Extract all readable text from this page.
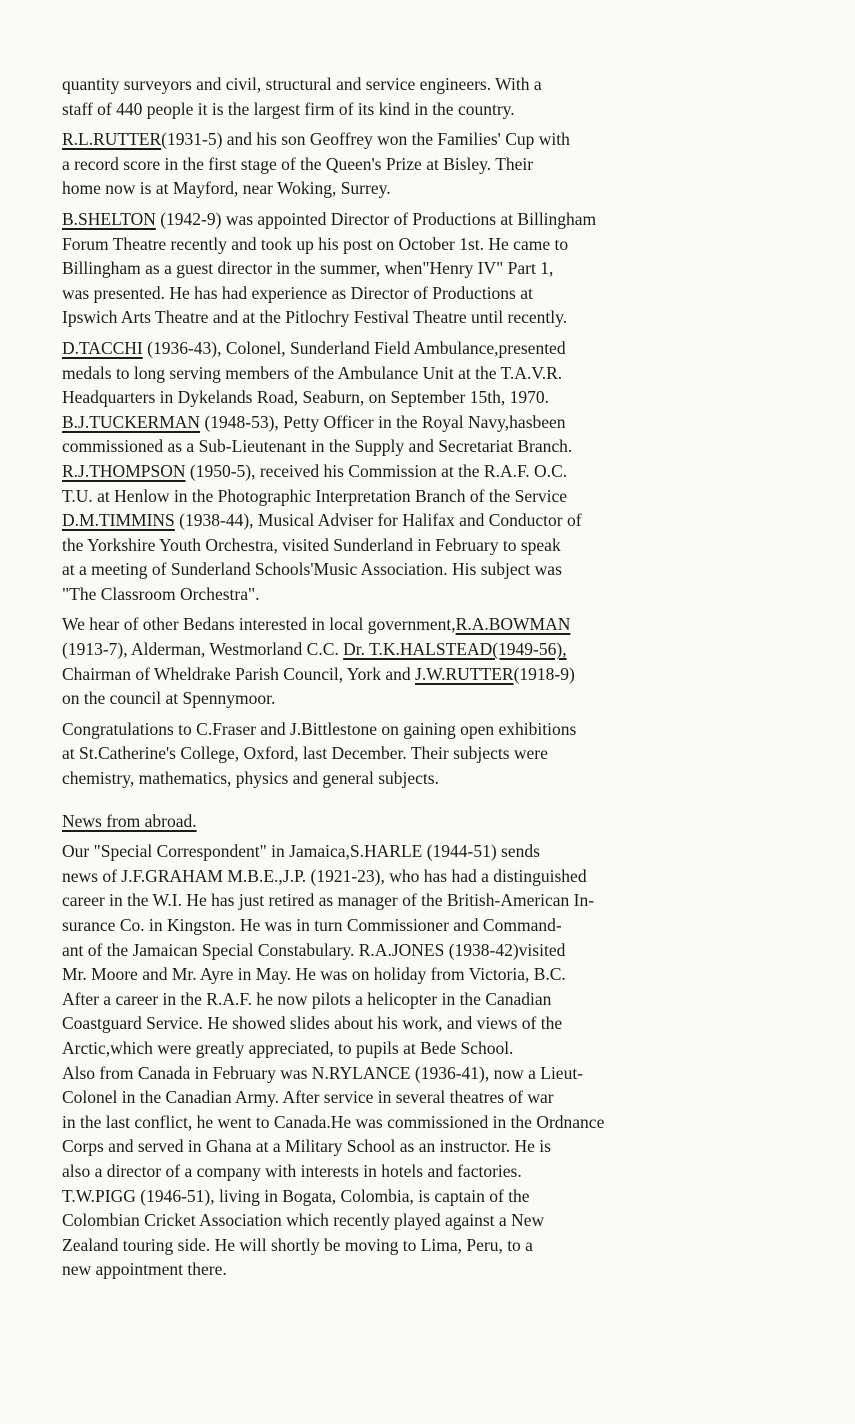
quantity surveyors and civil, structural and service engineers. With a
staff of 440 people it is the largest firm of its kind in the country.
R.L.RUTTER(1931-5) and his son Geoffrey won the Families' Cup with
a record score in the first stage of the Queen's Prize at Bisley. Their
home now is at Mayford, near Woking, Surrey.
B.SHELTON (1942-9) was appointed Director of Productions at Billingham
Forum Theatre recently and took up his post on October 1st. He came to
Billingham as a guest director in the summer, when"Henry IV" Part 1,
was presented. He has had experience as Director of Productions at
Ipswich Arts Theatre and at the Pitlochry Festival Theatre until recently.
D.TACCHI (1936-43), Colonel, Sunderland Field Ambulance,presented
medals to long serving members of the Ambulance Unit at the T.A.V.R.
Headquarters in Dykelands Road, Seaburn, on September 15th, 1970.
B.J.TUCKERMAN (1948-53), Petty Officer in the Royal Navy,hasbeen
commissioned as a Sub-Lieutenant in the Supply and Secretariat Branch.
R.J.THOMPSON (1950-5), received his Commission at the R.A.F. O.C.
T.U. at Henlow in the Photographic Interpretation Branch of the Service
D.M.TIMMINS (1938-44), Musical Adviser for Halifax and Conductor of
the Yorkshire Youth Orchestra, visited Sunderland in February to speak
at a meeting of Sunderland Schools'Music Association. His subject was
"The Classroom Orchestra".
We hear of other Bedans interested in local government,R.A.BOWMAN
(1913-7), Alderman, Westmorland C.C. Dr. T.K.HALSTEAD(1949-56),
Chairman of Wheldrake Parish Council, York and J.W.RUTTER(1918-9)
on the council at Spennymoor.
Congratulations to C.Fraser and J.Bittlestone on gaining open exhibitions
at St.Catherine's College, Oxford, last December. Their subjects were
chemistry, mathematics, physics and general subjects.
News from abroad.
Our "Special Correspondent" in Jamaica,S.HARLE (1944-51) sends
news of J.F.GRAHAM M.B.E.,J.P. (1921-23), who has had a distinguished
career in the W.I. He has just retired as manager of the British-American In-
surance Co. in Kingston. He was in turn Commissioner and Command-
ant of the Jamaican Special Constabulary. R.A.JONES (1938-42)visited
Mr. Moore and Mr. Ayre in May. He was on holiday from Victoria, B.C.
After a career in the R.A.F. he now pilots a helicopter in the Canadian
Coastguard Service. He showed slides about his work, and views of the
Arctic,which were greatly appreciated, to pupils at Bede School.
Also from Canada in February was N.RYLANCE (1936-41), now a Lieut-
Colonel in the Canadian Army. After service in several theatres of war
in the last conflict, he went to Canada.He was commissioned in the Ordnance
Corps and served in Ghana at a Military School as an instructor. He is
also a director of a company with interests in hotels and factories.
T.W.PIGG (1946-51), living in Bogata, Colombia, is captain of the
Colombian Cricket Association which recently played against a New
Zealand touring side. He will shortly be moving to Lima, Peru, to a
new appointment there.
